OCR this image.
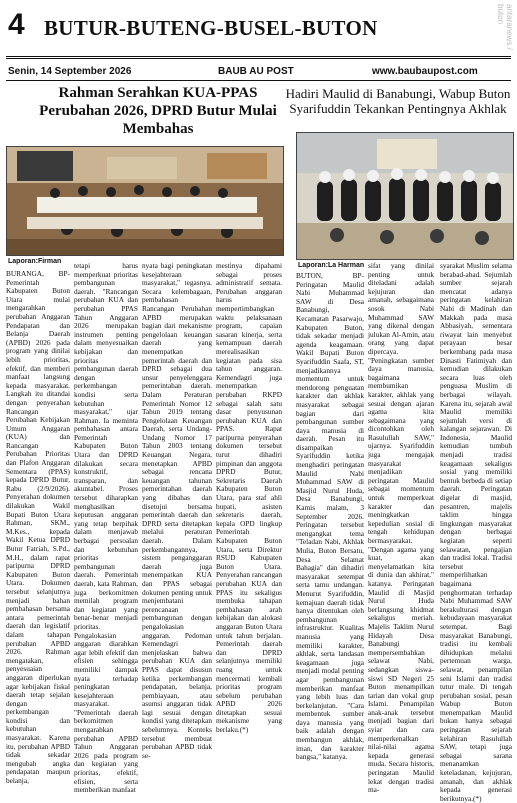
4 BUTUR-BUTENG-BUSEL-BUTON	antaranews / buton
Senin, 14 September 2026	BAUB AU POST	www.baubaupost.com
Rahman Serahkan KUA-PPAS Perubahan 2026, DPRD Butur Mulai Membahas
Hadiri Maulid di Banabungi, Wabup Buton Syarifuddin Tekankan Pentingnya Akhlak
Laporan:Firman
Laporan:La Harman
BURANGA, BP- Pemerintah Kabupaten Buton Utara mulai mengarahkan perubahan Anggaran Pendapatan dan Belanja Daerah (APBD) 2026 pada program yang dinilai lebih prioritas, efektif, dan memberi manfaat langsung kepada masyarakat. Langkah itu ditandai dengan penyerahan Rancangan Perubahan Kebijakan Umum Anggaran (KUA) dan Rancangan Perubahan Prioritas dan Plafon Anggaran Sementara (PPAS) kepada DPRD Butur, Rabu (2/9/2026). Penyerahan dokumen dilakukan Wakil Bupati Buton Utara Rahman, SKM., M.Kes., kepada Wakil Ketua DPRD Butur Fatriah, S.Pd., M.H., dalam rapat paripurna DPRD Kabupaten Buton Utara. Dokumen tersebut selanjutnya menjadi bahan pembahasan bersama antara pemerintah daerah dan legislatif dalam tahapan perubahan APBD 2026. Rahman mengatakan, penyesuaian anggaran diperlukan agar kebijakan fiskal daerah tetap sejalan dengan perkembangan kondisi dan kebutuhan masyarakat. Karena itu, perubahan APBD tidak sekadar mengubah angka pendapatan maupun belanja,
tetapi harus memperkuat prioritas pembangunan daerah. "Rancangan perubahan KUA dan perubahan PPAS Tahun Anggaran 2026 merupakan instrumen penting dalam menyesuaikan kebijakan dan prioritas pembangunan daerah dengan perkembangan kondisi serta kebutuhan masyarakat," ujar Rahman. Ia meminta pembahasan antara Pemerintah Kabupaten Buton Utara dan DPRD dilakukan secara konstruktif, transparan, dan akuntabel. Proses tersebut diharapkan menghasilkan keputusan anggaran yang tetap berpihak dalam menjawab berbagai persoalan dan kebutuhan prioritas pembangunan daerah. Pemerintah daerah, kata Rahman, juga berkomitmen memilah program dan kegiatan yang benar-benar menjadi prioritas. Pengalokasian anggaran diarahkan agar lebih efektif dan efisien sehingga memiliki dampak nyata terhadap peningkatan kesejahteraan masyarakat. "Pemerintah daerah berkomitmen mengarahkan perubahan APBD Tahun Anggaran 2026 pada program dan kegiatan yang prioritas, efektif, efisien, serta memberikan manfaat
nyata bagi peningkatan kesejahteraan masyarakat," tegasnya. Secara kelembagaan, pembahasan Rancangan Perubahan APBD merupakan bagian dari mekanisme pengelolaan keuangan daerah yang menempatkan pemerintah daerah dan DPRD sebagai dua unsur penyelenggara pemerintahan daerah. Dalam Peraturan Pemerintah Nomor 12 Tahun 2019 tentang Pengelolaan Keuangan Daerah, serta Undang-Undang Nomor 17 Tahun 2003 tentang Keuangan Negara, menetapkan APBD sebagai rencana keuangan tahunan pemerintahan daerah yang dibahas dan disetujui bersama pemerintah daerah dan DPRD serta ditetapkan melalui peraturan daerah. Dalam perkembangannya, sistem penganggaran daerah juga menempatkan KUA dan PPAS sebagai dokumen penting untuk menjembatani perencanaan pembangunan dengan pengalokasian anggaran. Pedoman Kemendagri menjelaskan bahwa perubahan KUA dan PPAS dapat disusun ketika perkembangan pendapatan, belanja, pembiayaan, atau asumsi anggaran tidak lagi sesuai dengan kondisi yang ditetapkan sebelumnya. Konteks tersebut membuat perubahan APBD tidak se-
mestinya dipahami sebagai proses administratif semata. Perubahan anggaran harus mempertimbangkan waktu pelaksanaan program, capaian sasaran kinerja, serta kemampuan daerah merealisasikan kegiatan pada sisa tahun anggaran. Kemendagri juga menempatkan perubahan RKPD sebagai salah satu dasar penyusunan perubahan KUA dan PPAS. Rapat paripurna penyerahan dokumen tersebut turut dihadiri pimpinan dan anggota DPRD Butur, Sekretaris Daerah Kabupaten Buton Utara, para staf ahli bupati, asisten sekretaris daerah, kepala OPD lingkup Pemerintah Kabupaten Buton Utara, serta Direktur RSUD Kabupaten Buton Utara. Penyerahan rancangan perubahan KUA dan PPAS itu sekaligus membuka tahapan pembahasan arah kebijakan dan alokasi anggaran Buton Utara untuk tahun berjalan. Pemerintah daerah dan DPRD selanjutnya memiliki ruang untuk mencermati kembali prioritas program sebelum perubahan APBD 2026 ditetapkan sesuai mekanisme yang berlaku.(*)
BUTON, BP- Peringatan Maulid Nabi Muhammad SAW di Desa Banabungi, Kecamatan Pasarwajo, Kabupaten Buton, tidak sekadar menjadi agenda keagamaan. Wakil Bupati Buton Syarifuddin Saafa, ST, menjadikannya momentum untuk mendorong penguatan karakter dan akhlak masyarakat sebagai bagian dari pembangunan sumber daya manusia di daerah. Pesan itu disampaikan Syarifuddin ketika menghadiri peringatan Maulid Nabi Muhammad SAW di Masjid Nurul Huda, Desa Banabungi, Kamis malam, 3 September 2026. Peringatan tersebut mengangkat tema "Teladan Nabi, Akhlak Mulia, Buton Bersatu, Desa Selamat Bahagia" dan dihadiri masyarakat setempat serta tamu undangan. Menurut Syarifuddin, kemajuan daerah tidak hanya ditentukan oleh pembangunan infrastruktur. Kualitas manusia yang memiliki karakter, akhlak, serta landasan keagamaan juga menjadi modal penting agar pembangunan memberikan manfaat yang lebih luas dan berkelanjutan. "Cara membentuk sumber daya manusia yang baik adalah dengan membangun akhlak, iman, dan karakter bangsa," katanya.
sifat yang dinilai penting untuk diteladani adalah kejujuran dan amanah, sebagaimana sosok Nabi Muhammad SAW yang dikenal dengan julukan Al-Amin, atau orang yang dapat dipercaya. "Peningkatan sumber daya manusia, bagaimana membumikan karakter, akhlak yang sesuai dengan ajaran agama kita sebagaimana yang dicontohkan oleh Rasulullah SAW," ujarnya. Syarifuddin juga mengajak masyarakat menjadikan peringatan Maulid sebagai momentum untuk memperkuat karakter dan meningkatkan kepedulian sosial di tengah kehidupan bermasyarakat. "Dengan agama yang kuat, akan menyelamatkan kita di dunia dan akhirat," katanya. Peringatan Maulid di Masjid Nurul Huda berlangsung khidmat sekaligus meriah. Majelis Taklim Nurul Hidayah Desa Banabungi mempersembahkan selawat Nabi, sedangkan siswa-siswi SD Negeri 25 Buton menampilkan tarian dan vokal grup Islami. Penampilan anak-anak tersebut menjadi bagian dari syiar dan cara memperkenalkan nilai-nilai agama kepada generasi muda. Secara historis, peringatan Maulid lekat dengan tradisi ma-
syarakat Muslim selama berabad-abad. Sejumlah sumber sejarah mencatat adanya peringatan kelahiran Nabi di Madinah dan Makkah pada masa Abbasiyah, sementara riwayat lain menyebut perayaan besar berkembang pada masa Dinasti Fatimiyah dan kemudian dilakukan secara luas oleh penguasa Muslim di berbagai wilayah. Karena itu, sejarah awal Maulid memiliki sejumlah versi di kalangan sejarawan. Di Indonesia, Maulid kemudian tumbuh menjadi tradisi keagamaan sekaligus sosial yang memiliki bentuk berbeda di setiap daerah. Peringatan digelar di masjid, pesantren, majelis taklim hingga lingkungan masyarakat dengan berbagai kegiatan seperti selawatan, pengajian dan tradisi lokal. Tradisi tersebut memperlihatkan bagaimana penghormatan terhadap Nabi Muhammad SAW berakulturasi dengan kebudayaan masyarakat setempat. Bagi masyarakat Banabungi, tradisi itu kembali dihidupkan melalui pertemuan warga, selawat, penampilan seni Islami dan tradisi tutur male. Di tengah perubahan sosial, pesan Wabup Buton menempatkan Maulid bukan hanya sebagai peringatan sejarah kelahiran Rasulullah SAW, tetapi juga sebagai sarana menanamkan keteladanan, kejujuran, amanah, dan akhlak kepada generasi berikutnya.(*)
